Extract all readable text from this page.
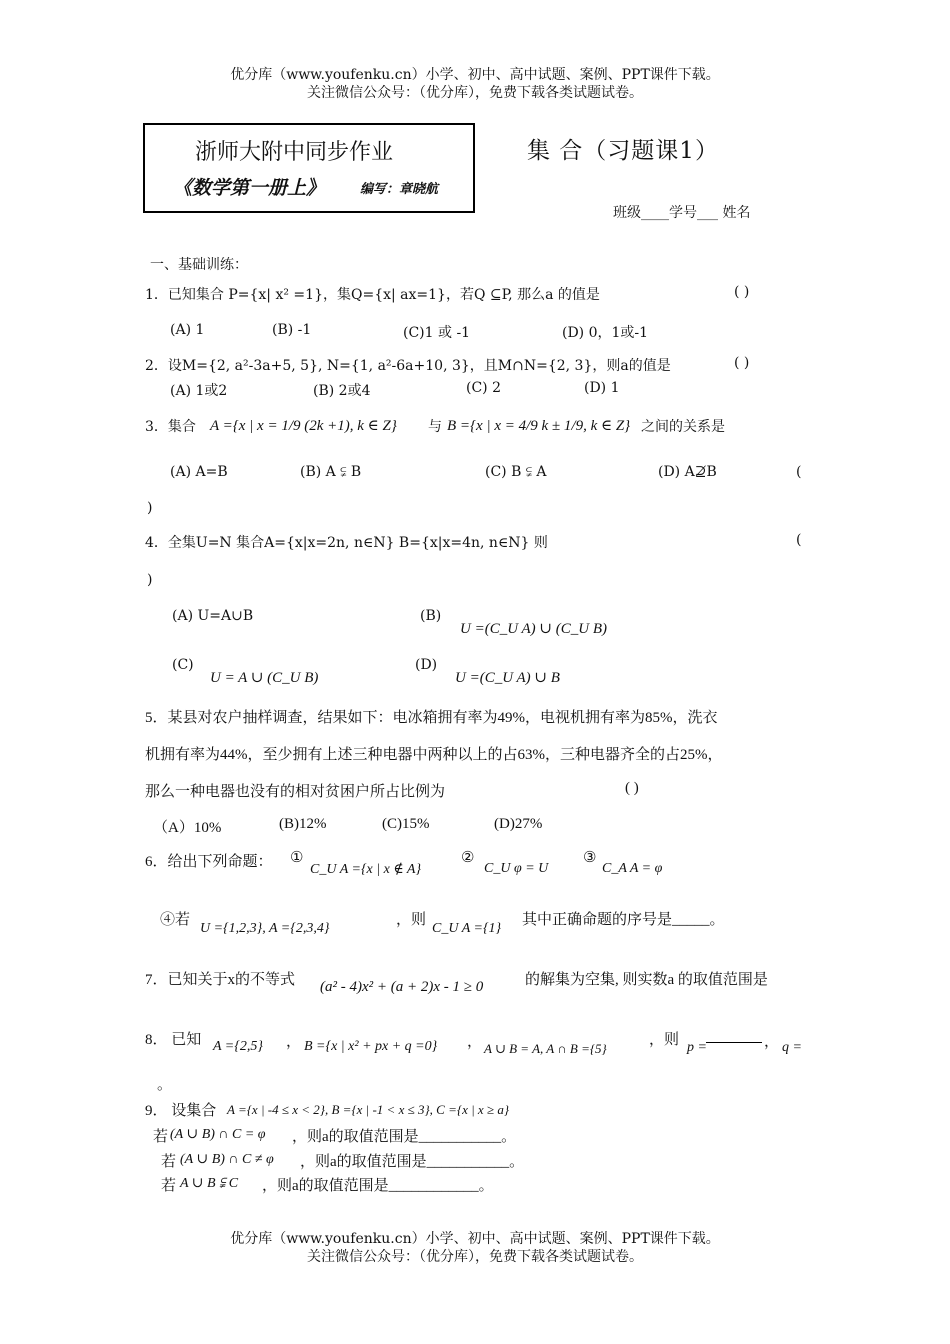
优分库（www.youfenku.cn）小学、初中、高中试题、案例、PPT课件下载。
关注微信公众号：（优分库），免费下载各类试题试卷。
浙师大附中同步作业
《数学第一册上》	编写：章晓航
集 合（习题课1）
班级____学号___ 姓名
一、基础训练：
1．已知集合 P={x| x² =1}，集Q={x| ax=1}，若Q ⊆P, 那么a 的值是	( )
(A) 1	(B) -1	(C)1 或 -1	(D) 0，1或-1
2．设M={2, a²-3a+5, 5}, N={1, a²-6a+10, 3}，且M∩N={2, 3}，则a的值是	( )
(A) 1或2	(B) 2或4	(C) 2	(D) 1
3．集合 A ={x | x = 1/9 (2k +1), k ∈ Z} 与 B ={x | x = 4/9 k ± 1/9, k ∈ Z} 之间的关系是
(A) A=B	(B) A ⫋ B	(C) B ⫋ A	(D) A⊉B	(
)
4．全集U=N 集合A={x|x=2n, n∈N} B={x|x=4n, n∈N} 则	(
)
(A) U=A∪B	(B)
U =(C_U A) ∪ (C_U B)
(C)
U = A ∪ (C_U B)
(D)
U =(C_U A) ∪ B
5．某县对农户抽样调查，结果如下：电冰箱拥有率为49%，电视机拥有率为85%，洗衣
机拥有率为44%，至少拥有上述三种电器中两种以上的占63%，三种电器齐全的占25%，
那么一种电器也没有的相对贫困户所占比例为	( )
（A）10%	(B)12%	(C)15%	(D)27%
6．给出下列命题： ①
C_U A ={x | x ∉ A}
②
C_U φ = U
③
C_A A = φ
④若
U ={1,2,3}, A ={2,3,4}
，则
C_U A ={1}
其中正确命题的序号是_____。
7．已知关于x的不等式 (a² - 4)x² + (a + 2)x - 1 ≥ 0	的解集为空集, 则实数a 的取值范围是
8． 已知 A ={2,5} ， B ={x | x² + px + q =0} ， A ∪ B = A, A ∩ B ={5}
，则 p =	， q =
。
9． 设集合 A ={x | -4 ≤ x < 2}, B ={x | -1 < x ≤ 3}, C ={x | x ≥ a}
若 (A ∪ B) ∩ C = φ ，则a的取值范围是___________。
若 (A ∪ B) ∩ C ≠ φ ，则a的取值范围是___________。
若 A ∪ B ⫋ C ，则a的取值范围是____________。
优分库（www.youfenku.cn）小学、初中、高中试题、案例、PPT课件下载。
关注微信公众号：（优分库），免费下载各类试题试卷。
